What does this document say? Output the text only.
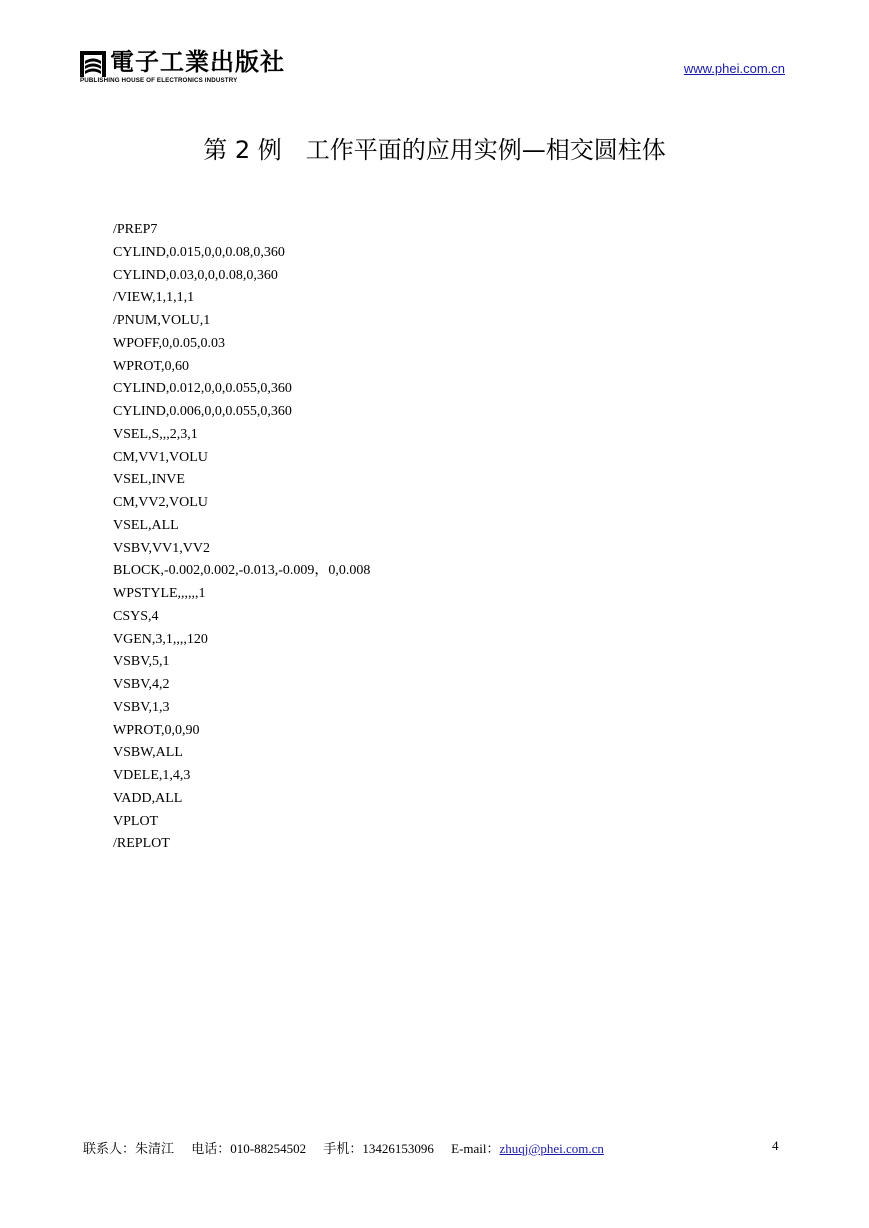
電子工業出版社
PUBLISHING HOUSE OF ELECTRONICS INDUSTRY
www.phei.com.cn
第 2 例　工作平面的应用实例—相交圆柱体
/PREP7
CYLIND,0.015,0,0,0.08,0,360
CYLIND,0.03,0,0,0.08,0,360
/VIEW,1,1,1,1
/PNUM,VOLU,1
WPOFF,0,0.05,0.03
WPROT,0,60
CYLIND,0.012,0,0,0.055,0,360
CYLIND,0.006,0,0,0.055,0,360
VSEL,S,,,2,3,1
CM,VV1,VOLU
VSEL,INVE
CM,VV2,VOLU
VSEL,ALL
VSBV,VV1,VV2
BLOCK,-0.002,0.002,-0.013,-0.009，0,0.008
WPSTYLE,,,,,,1
CSYS,4
VGEN,3,1,,,,120
VSBV,5,1
VSBV,4,2
VSBV,1,3
WPROT,0,0,90
VSBW,ALL
VDELE,1,4,3
VADD,ALL
VPLOT
/REPLOT
联系人：朱清江 电话：010-88254502 手机：13426153096 E-mail：zhuqj@phei.com.cn	4
